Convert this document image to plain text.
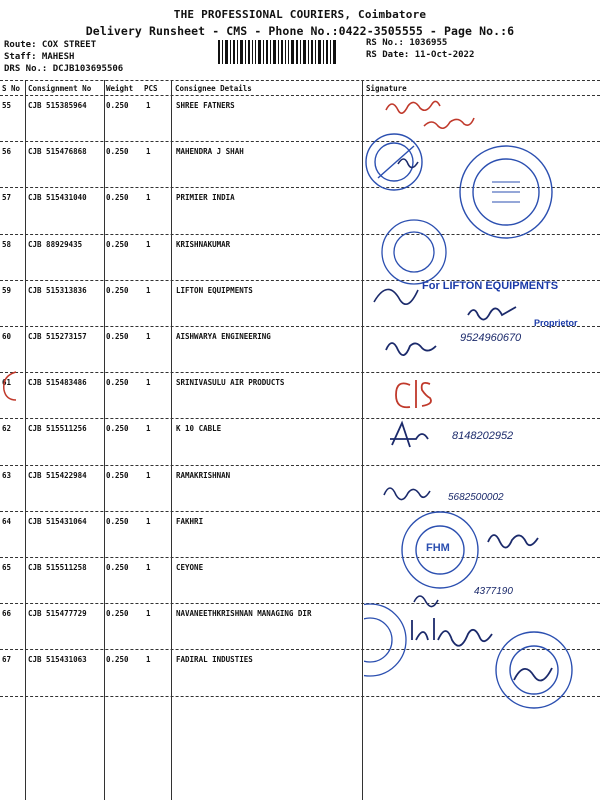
THE PROFESSIONAL COURIERS, Coimbatore
Delivery Runsheet - CMS - Phone No.:0422-3505555 - Page No.:6
Route: COX STREET
Staff: MAHESH
DRS No.: DCJB103695506
RS No.: 1036955
RS Date: 11-Oct-2022
S No Consignment No Weight PCS Consignee Details	Signature
55 CJB 515385964	0.250 1	SHREE FATNERS
56 CJB 515476868	0.250 1	MAHENDRA J SHAH
57 CJB 515431040	0.250 1	PRIMIER INDIA
58 CJB 88929435	0.250 1	KRISHNAKUMAR
59 CJB 515313836	0.250 1	LIFTON EQUIPMENTS
60 CJB 515273157	0.250 1	AISHWARYA ENGINEERING
61 CJB 515483486	0.250 1	SRINIVASULU AIR PRODUCTS
62 CJB 515511256	0.250 1	K 10 CABLE
63 CJB 515422984	0.250 1	RAMAKRISHNAN
64 CJB 515431064	0.250 1	FAKHRI
65 CJB 515511258	0.250 1	CEYONE
66 CJB 515477729	0.250 1	NAVANEETHKRISHNAN MANAGING DIR
67 CJB 515431063	0.250 1	FADIRAL INDUSTIES
For LIFTON EQUIPMENTS
Proprietor
9524960670
8148202952
5682500002
FHM
4377190
